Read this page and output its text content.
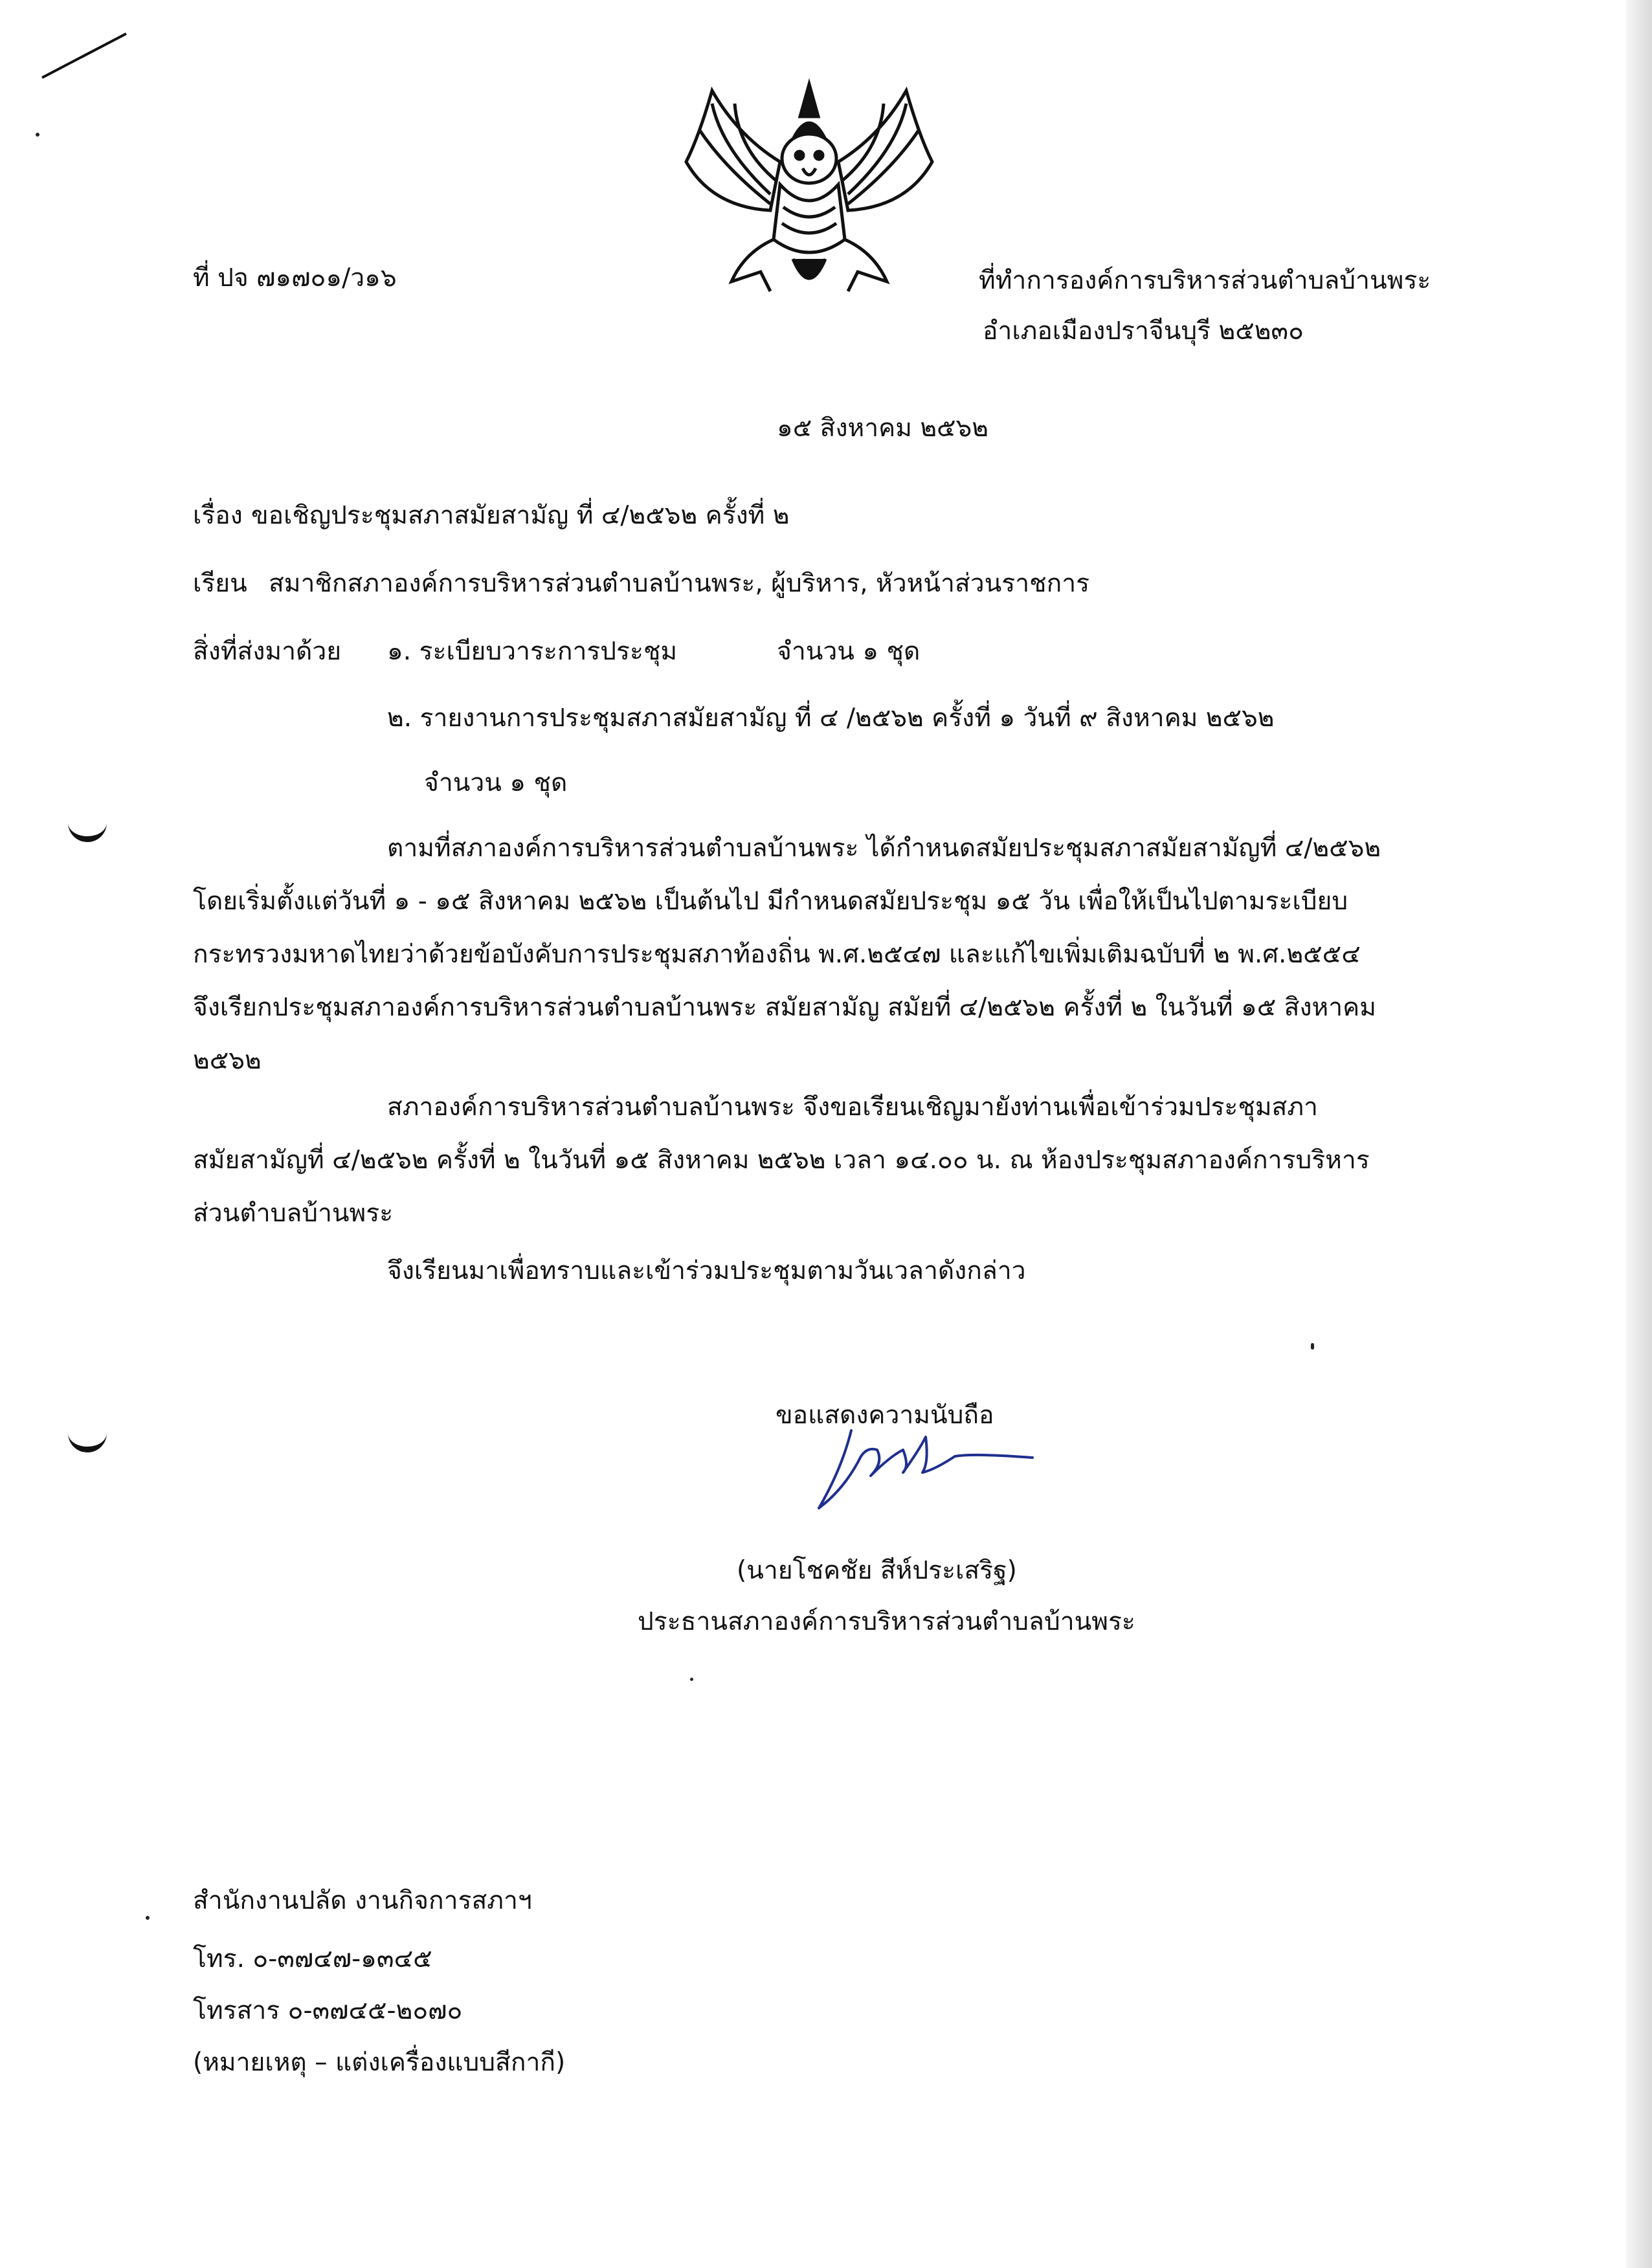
ที่ ปจ ๗๑๗๐๑/ว๑๖	ที่ทำการองค์การบริหารส่วนตำบลบ้านพระ
อำเภอเมืองปราจีนบุรี ๒๕๒๓๐
๑๕ สิงหาคม ๒๕๖๒
เรื่อง ขอเชิญประชุมสภาสมัยสามัญ ที่ ๔/๒๕๖๒ ครั้งที่ ๒
เรียน สมาชิกสภาองค์การบริหารส่วนตำบลบ้านพระ, ผู้บริหาร, หัวหน้าส่วนราชการ
สิ่งที่ส่งมาด้วย ๑. ระเบียบวาระการประชุม	จำนวน ๑ ชุด
๒. รายงานการประชุมสภาสมัยสามัญ ที่ ๔ /๒๕๖๒ ครั้งที่ ๑ วันที่ ๙ สิงหาคม ๒๕๖๒
จำนวน ๑ ชุด
ตามที่สภาองค์การบริหารส่วนตำบลบ้านพระ ได้กำหนดสมัยประชุมสภาสมัยสามัญที่ ๔/๒๕๖๒
โดยเริ่มตั้งแต่วันที่ ๑ - ๑๕ สิงหาคม ๒๕๖๒ เป็นต้นไป มีกำหนดสมัยประชุม ๑๕ วัน เพื่อให้เป็นไปตามระเบียบ
กระทรวงมหาดไทยว่าด้วยข้อบังคับการประชุมสภาท้องถิ่น พ.ศ.๒๕๔๗ และแก้ไขเพิ่มเติมฉบับที่ ๒ พ.ศ.๒๕๕๔
จึงเรียกประชุมสภาองค์การบริหารส่วนตำบลบ้านพระ สมัยสามัญ สมัยที่ ๔/๒๕๖๒ ครั้งที่ ๒ ในวันที่ ๑๕ สิงหาคม
๒๕๖๒
สภาองค์การบริหารส่วนตำบลบ้านพระ จึงขอเรียนเชิญมายังท่านเพื่อเข้าร่วมประชุมสภา
สมัยสามัญที่ ๔/๒๕๖๒ ครั้งที่ ๒ ในวันที่ ๑๕ สิงหาคม ๒๕๖๒ เวลา ๑๔.๐๐ น. ณ ห้องประชุมสภาองค์การบริหาร
ส่วนตำบลบ้านพระ
จึงเรียนมาเพื่อทราบและเข้าร่วมประชุมตามวันเวลาดังกล่าว
ขอแสดงความนับถือ
(นายโชคชัย สีห์ประเสริฐ)
ประธานสภาองค์การบริหารส่วนตำบลบ้านพระ
สำนักงานปลัด งานกิจการสภาฯ
โทร. ๐-๓๗๔๗-๑๓๔๕
โทรสาร ๐-๓๗๔๕-๒๐๗๐
(หมายเหตุ – แต่งเครื่องแบบสีกากี)
